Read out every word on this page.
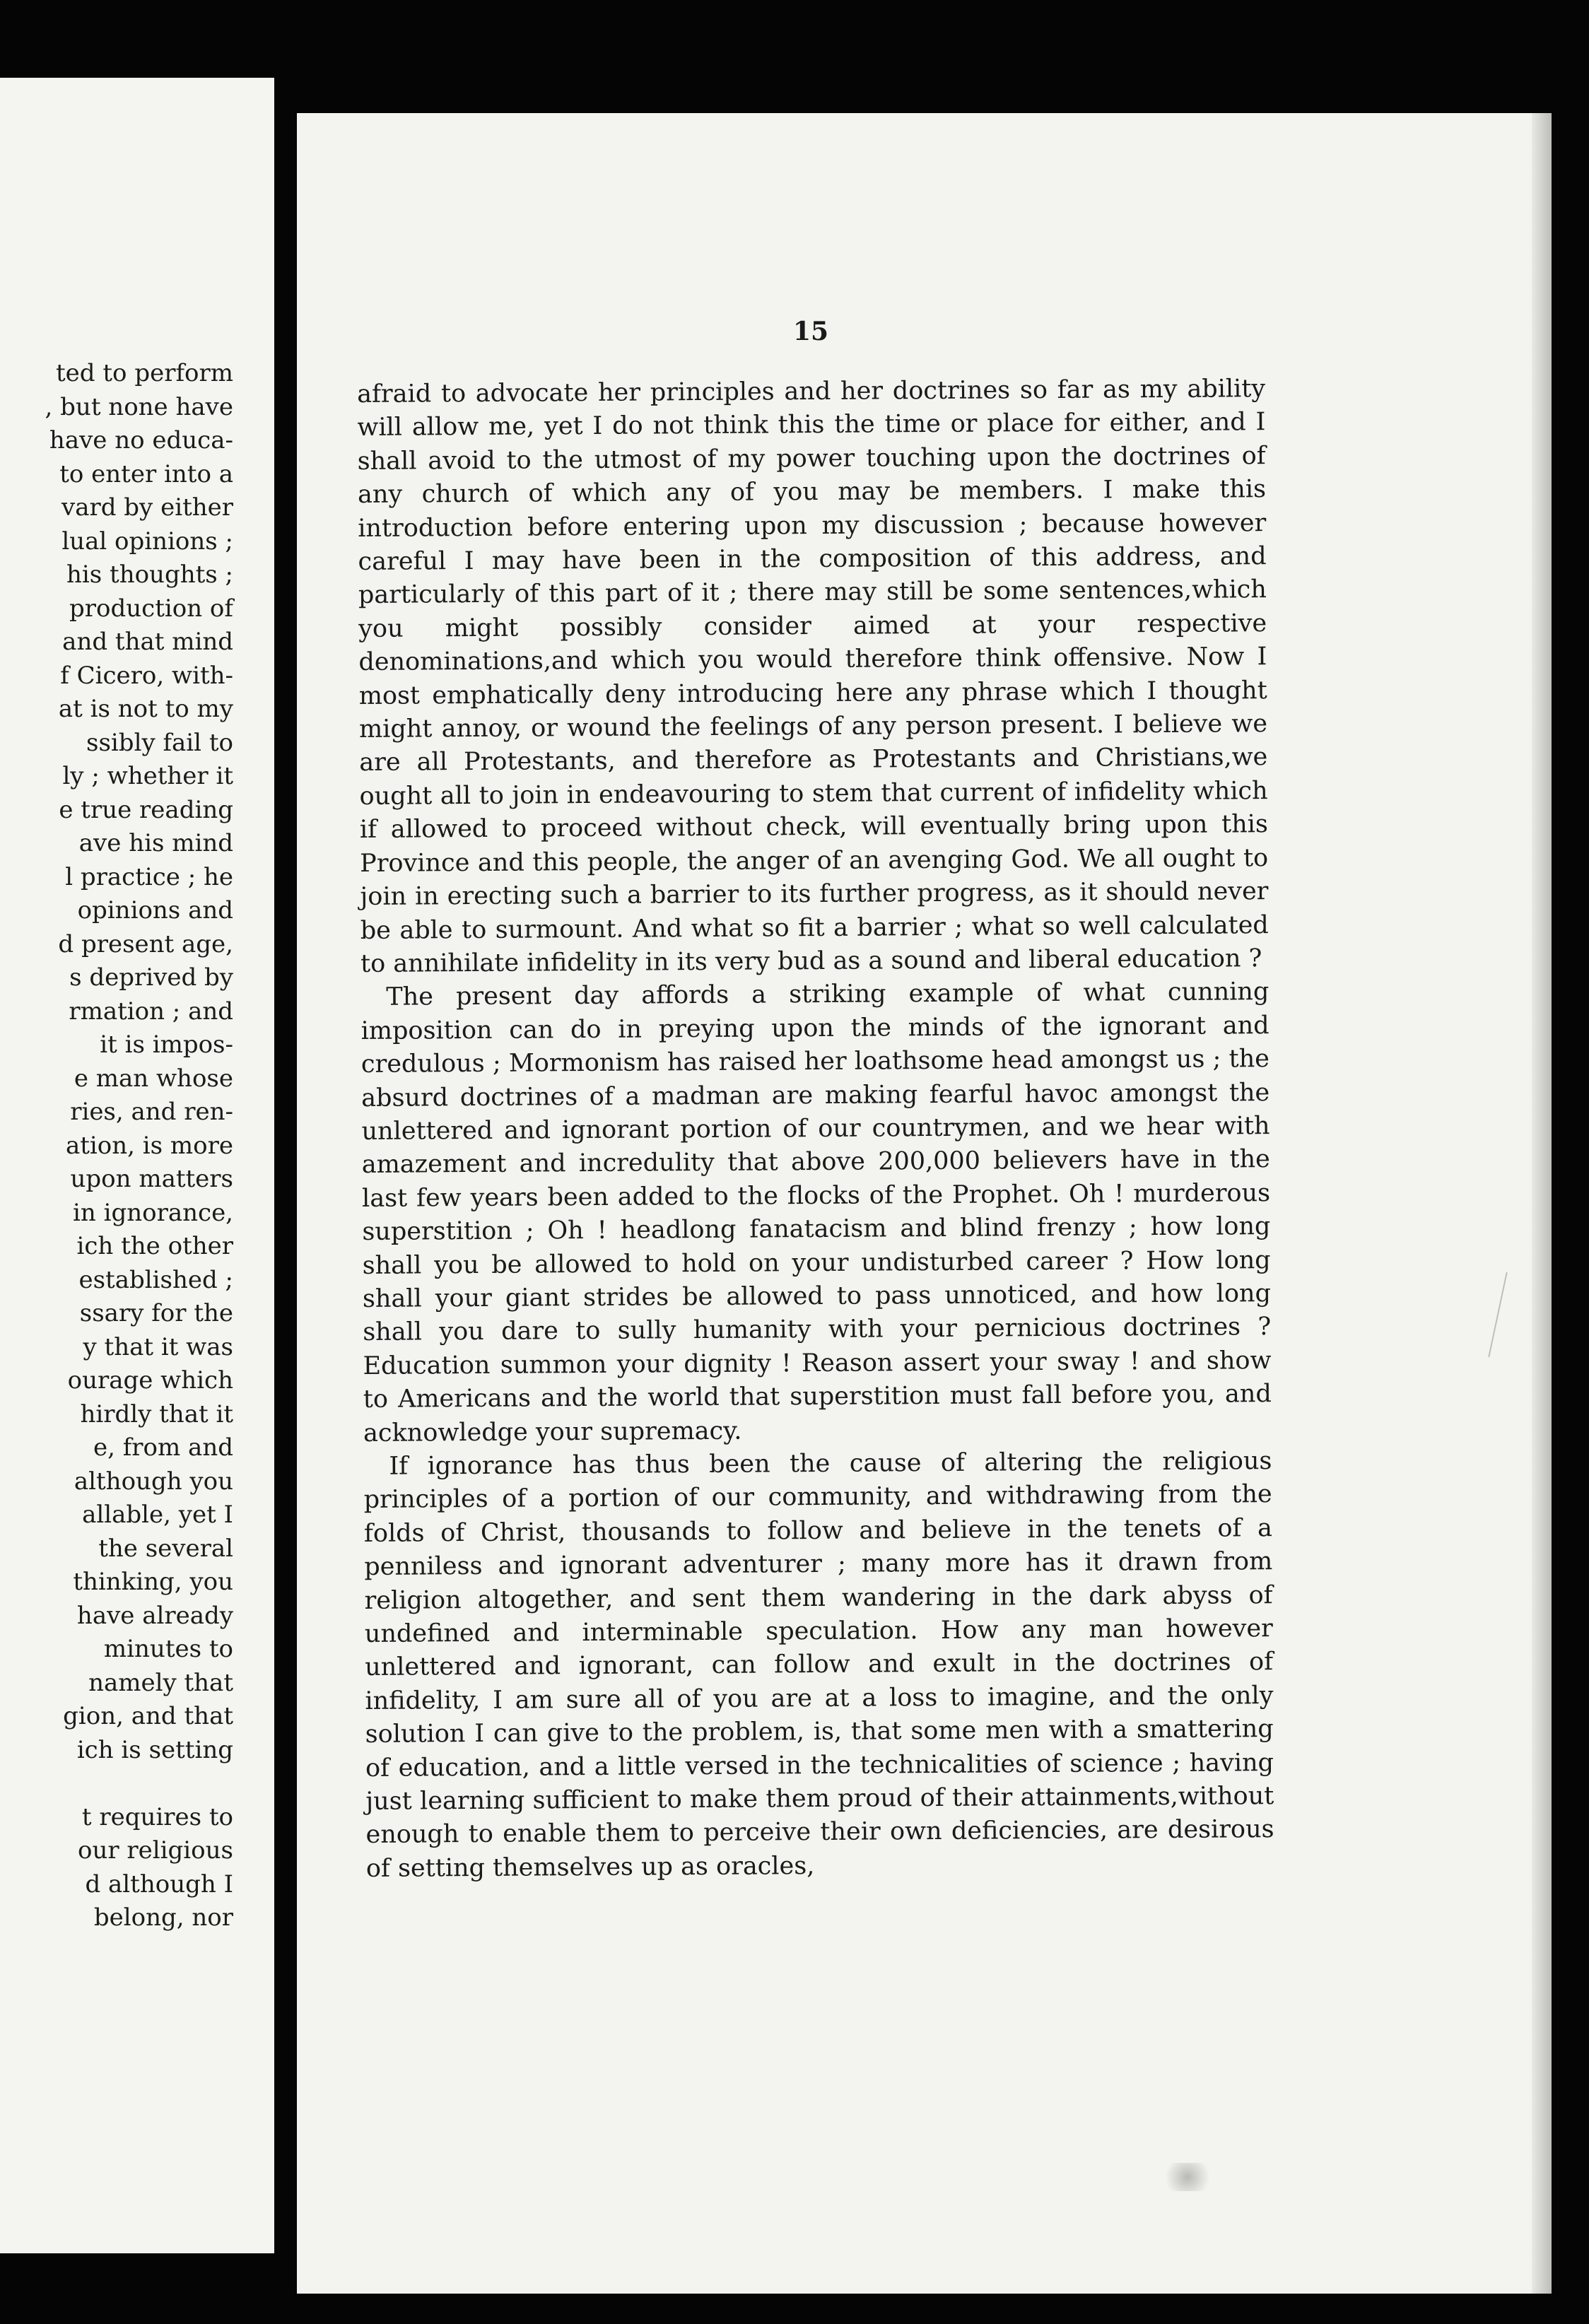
ted to perform
, but none have
have no educa-
to enter into a
vard by either
lual opinions ;
his thoughts ;
production of
and that mind
f Cicero, with-
at is not to my
ssibly fail to
ly ; whether it
e true reading
ave his mind
l practice ; he
opinions and
d present age,
s deprived by
rmation ; and
it is impos-
e man whose
ries, and ren-
ation, is more
upon matters
in ignorance,
ich the other
established ;
ssary for the
y that it was
ourage which
hirdly that it
e, from and
although you
allable, yet I
the several
thinking, you
have already
minutes to
namely that
gion, and that
ich is setting
t requires to
our religious
d although I
belong, nor
15

afraid to advocate her principles and her doctrines so far as my ability will allow me, yet I do not think this the time or place for either, and I shall avoid to the utmost of my power touching upon the doctrines of any church of which any of you may be members. I make this introduction before entering upon my discussion ; because however careful I may have been in the composition of this address, and particularly of this part of it ; there may still be some sentences,which you might possibly consider aimed at your respective denominations,and which you would therefore think offensive. Now I most emphatically deny introducing here any phrase which I thought might annoy, or wound the feelings of any person present. I believe we are all Protestants, and therefore as Protestants and Christians,we ought all to join in endeavouring to stem that current of infidelity which if allowed to proceed without check, will eventually bring upon this Province and this people, the anger of an avenging God. We all ought to join in erecting such a barrier to its further progress, as it should never be able to surmount. And what so fit a barrier ; what so well calculated to annihilate infidelity in its very bud as a sound and liberal education ?

The present day affords a striking example of what cunning imposition can do in preying upon the minds of the ignorant and credulous ; Mormonism has raised her loathsome head amongst us ; the absurd doctrines of a madman are making fearful havoc amongst the unlettered and ignorant portion of our countrymen, and we hear with amazement and incredulity that above 200,000 believers have in the last few years been added to the flocks of the Prophet. Oh ! murderous superstition ; Oh ! headlong fanatacism and blind frenzy ; how long shall you be allowed to hold on your undisturbed career ? How long shall your giant strides be allowed to pass unnoticed, and how long shall you dare to sully humanity with your pernicious doctrines ? Education summon your dignity ! Reason assert your sway ! and show to Americans and the world that superstition must fall before you, and acknowledge your supremacy.

If ignorance has thus been the cause of altering the religious principles of a portion of our community, and withdrawing from the folds of Christ, thousands to follow and believe in the tenets of a penniless and ignorant adventurer ; many more has it drawn from religion altogether, and sent them wandering in the dark abyss of undefined and interminable speculation. How any man however unlettered and ignorant, can follow and exult in the doctrines of infidelity, I am sure all of you are at a loss to imagine, and the only solution I can give to the problem, is, that some men with a smattering of education, and a little versed in the technicalities of science ; having just learning sufficient to make them proud of their attainments,without enough to enable them to perceive their own deficiencies, are desirous of setting themselves up as oracles,
